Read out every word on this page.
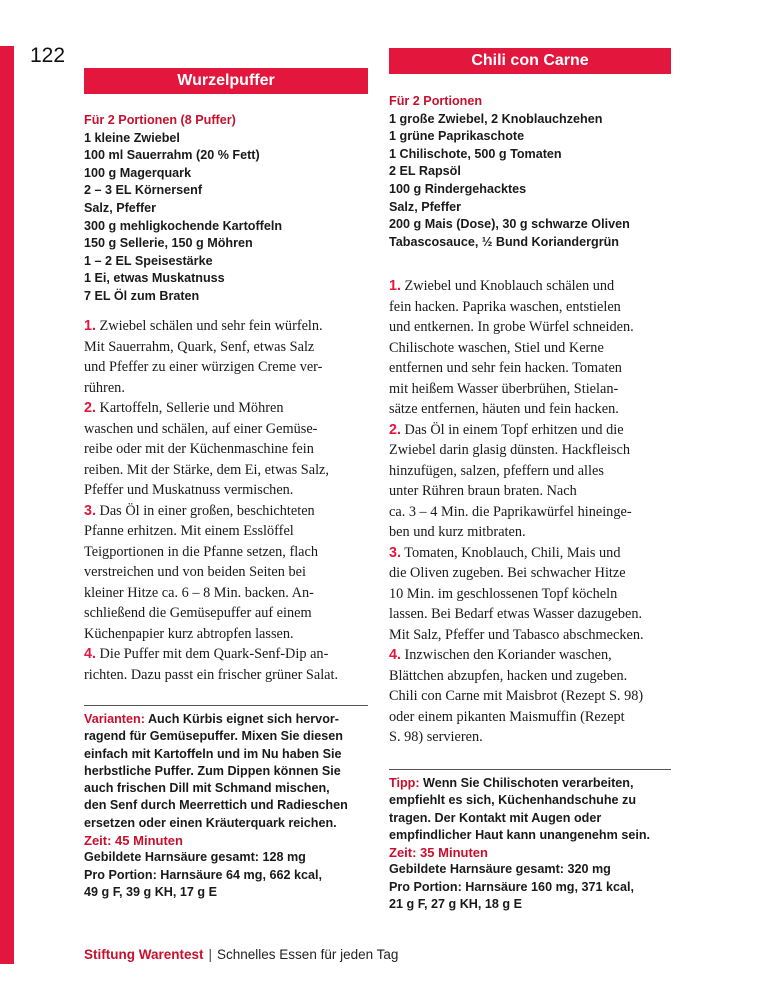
122
Wurzelpuffer
Für 2 Portionen (8 Puffer)
1 kleine Zwiebel
100 ml Sauerrahm (20 % Fett)
100 g Magerquark
2 – 3 EL Körnersenf
Salz, Pfeffer
300 g mehligkochende Kartoffeln
150 g Sellerie, 150 g Möhren
1 – 2 EL Speisestärke
1 Ei, etwas Muskatnuss
7 EL Öl zum Braten
1. Zwiebel schälen und sehr fein würfeln.
Mit Sauerrahm, Quark, Senf, etwas Salz
und Pfeffer zu einer würzigen Creme ver-
rühren.
2. Kartoffeln, Sellerie und Möhren
waschen und schälen, auf einer Gemüse-
reibe oder mit der Küchenmaschine fein
reiben. Mit der Stärke, dem Ei, etwas Salz,
Pfeffer und Muskatnuss vermischen.
3. Das Öl in einer großen, beschichteten
Pfanne erhitzen. Mit einem Esslöffel
Teigportionen in die Pfanne setzen, flach
verstreichen und von beiden Seiten bei
kleiner Hitze ca. 6 – 8 Min. backen. An-
schließend die Gemüsepuffer auf einem
Küchenpapier kurz abtropfen lassen.
4. Die Puffer mit dem Quark-Senf-Dip an-
richten. Dazu passt ein frischer grüner Salat.
Varianten: Auch Kürbis eignet sich hervor-
ragend für Gemüsepuffer. Mixen Sie diesen
einfach mit Kartoffeln und im Nu haben Sie
herbstliche Puffer. Zum Dippen können Sie
auch frischen Dill mit Schmand mischen,
den Senf durch Meerrettich und Radieschen
ersetzen oder einen Kräuterquark reichen.
Zeit: 45 Minuten
Gebildete Harnsäure gesamt: 128 mg
Pro Portion: Harnsäure 64 mg, 662 kcal,
49 g F, 39 g KH, 17 g E
Chili con Carne
Für 2 Portionen
1 große Zwiebel, 2 Knoblauchzehen
1 grüne Paprikaschote
1 Chilischote, 500 g Tomaten
2 EL Rapsöl
100 g Rindergehacktes
Salz, Pfeffer
200 g Mais (Dose), 30 g schwarze Oliven
Tabascosauce, ½ Bund Koriandergrün
1. Zwiebel und Knoblauch schälen und
fein hacken. Paprika waschen, entstielen
und entkernen. In grobe Würfel schneiden.
Chilischote waschen, Stiel und Kerne
entfernen und sehr fein hacken. Tomaten
mit heißem Wasser überbrühen, Stielan-
sätze entfernen, häuten und fein hacken.
2. Das Öl in einem Topf erhitzen und die
Zwiebel darin glasig dünsten. Hackfleisch
hinzufügen, salzen, pfeffern und alles
unter Rühren braun braten. Nach
ca. 3 – 4 Min. die Paprikawürfel hineinge-
ben und kurz mitbraten.
3. Tomaten, Knoblauch, Chili, Mais und
die Oliven zugeben. Bei schwacher Hitze
10 Min. im geschlossenen Topf köcheln
lassen. Bei Bedarf etwas Wasser dazugeben.
Mit Salz, Pfeffer und Tabasco abschmecken.
4. Inzwischen den Koriander waschen,
Blättchen abzupfen, hacken und zugeben.
Chili con Carne mit Maisbrot (Rezept S. 98)
oder einem pikanten Maismuffin (Rezept
S. 98) servieren.
Tipp: Wenn Sie Chilischoten verarbeiten,
empfiehlt es sich, Küchenhandschuhe zu
tragen. Der Kontakt mit Augen oder
empfindlicher Haut kann unangenehm sein.
Zeit: 35 Minuten
Gebildete Harnsäure gesamt: 320 mg
Pro Portion: Harnsäure 160 mg, 371 kcal,
21 g F, 27 g KH, 18 g E
Stiftung Warentest | Schnelles Essen für jeden Tag
